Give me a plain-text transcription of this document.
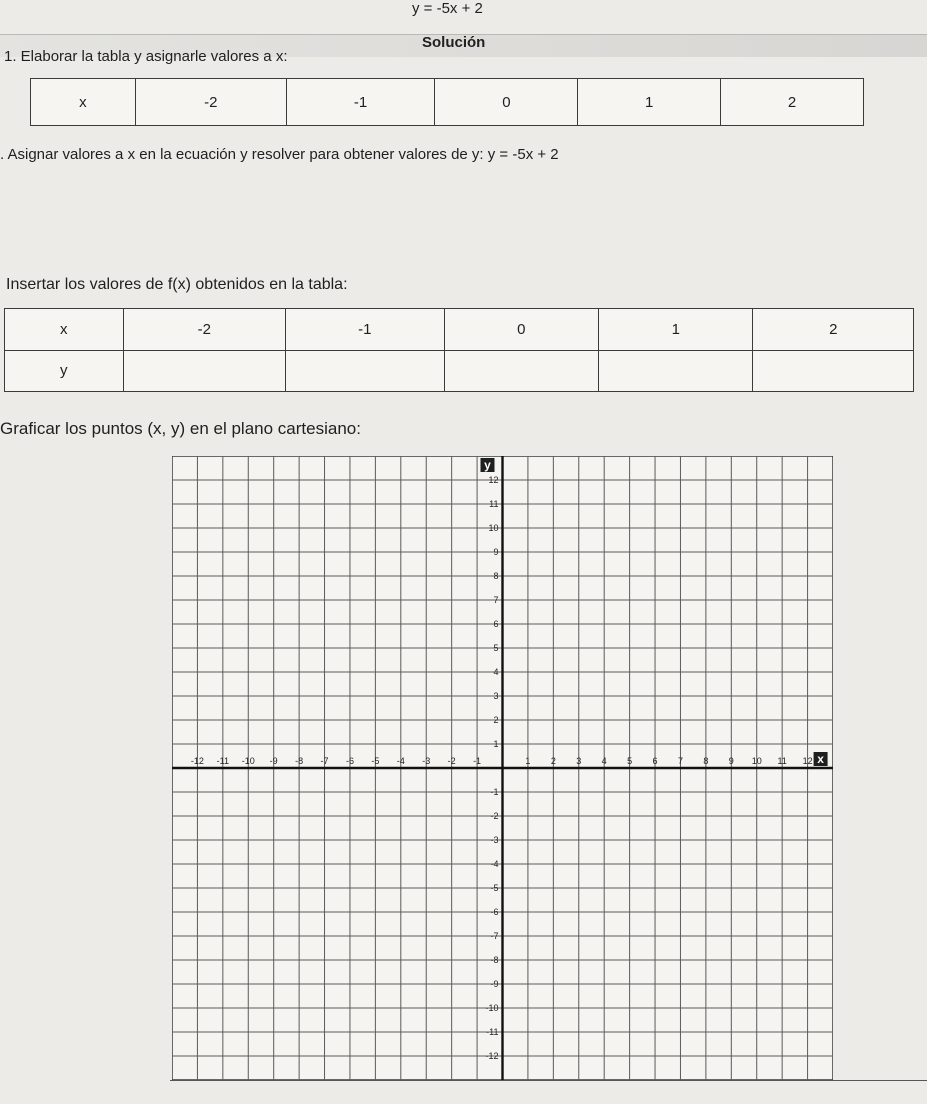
y = -5x + 2
Solución
1. Elaborar la tabla y asignarle valores a x:
x	-2	-1	0	1	2
. Asignar valores a x en la ecuación y resolver para obtener valores de y: y = -5x + 2
Insertar los valores de f(x) obtenidos en la tabla:
x	-2	-1	0	1	2
y					
Graficar los puntos (x, y) en el plano cartesiano:
-12 -11 -10 -9 -8 -7 -6 -5 -4 -3 -2 -1	1 2 3 4 5 6 7 8 9 10 11 12
12
11
10
9
8
7
6
5
4
3
2
1
-1
-2
-3
-4
-5
-6
-7
-8
-9
-10
-11
-12
y
x
